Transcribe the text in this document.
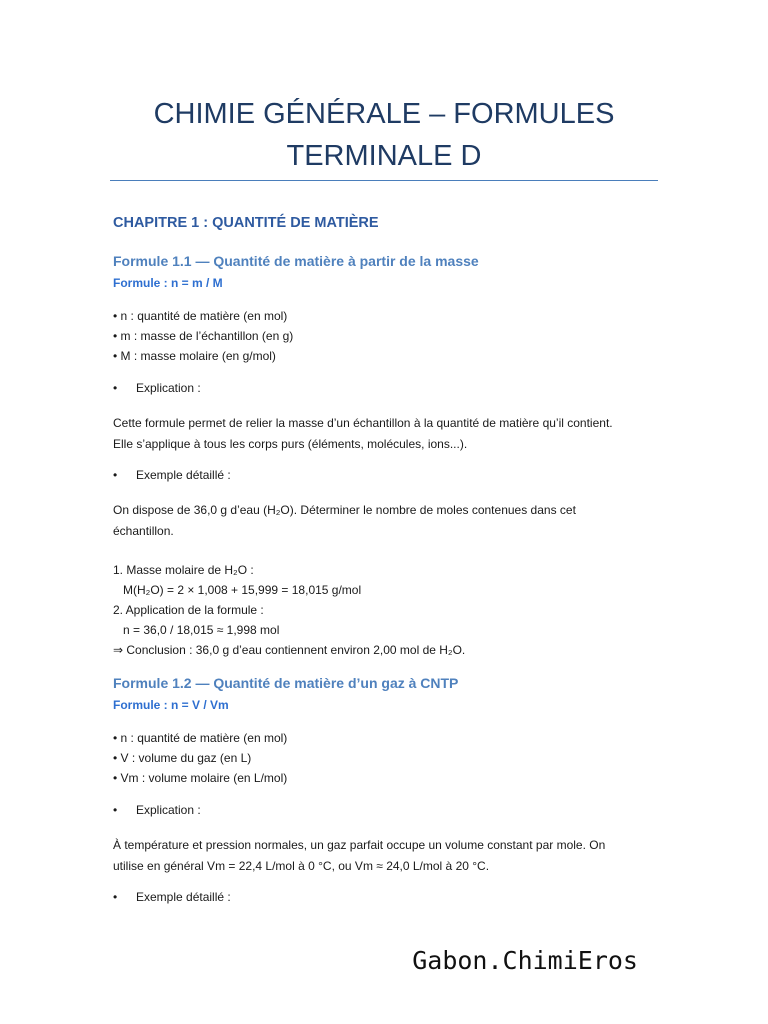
CHIMIE GÉNÉRALE – FORMULES
TERMINALE D
CHAPITRE 1 : QUANTITÉ DE MATIÈRE
Formule 1.1 — Quantité de matière à partir de la masse
Formule : n = m / M
• n : quantité de matière (en mol)
• m : masse de l’échantillon (en g)
• M : masse molaire (en g/mol)
• Explication :
Cette formule permet de relier la masse d’un échantillon à la quantité de matière qu’il contient.
Elle s’applique à tous les corps purs (éléments, molécules, ions...).
• Exemple détaillé :
On dispose de 36,0 g d’eau (H₂O). Déterminer le nombre de moles contenues dans cet
échantillon.
1. Masse molaire de H₂O :
M(H₂O) = 2 × 1,008 + 15,999 = 18,015 g/mol
2. Application de la formule :
n = 36,0 / 18,015 ≈ 1,998 mol
⇒ Conclusion : 36,0 g d’eau contiennent environ 2,00 mol de H₂O.
Formule 1.2 — Quantité de matière d’un gaz à CNTP
Formule : n = V / Vm
• n : quantité de matière (en mol)
• V : volume du gaz (en L)
• Vm : volume molaire (en L/mol)
• Explication :
À température et pression normales, un gaz parfait occupe un volume constant par mole. On
utilise en général Vm = 22,4 L/mol à 0 °C, ou Vm ≈ 24,0 L/mol à 20 °C.
• Exemple détaillé :
Gabon.ChimiEros
